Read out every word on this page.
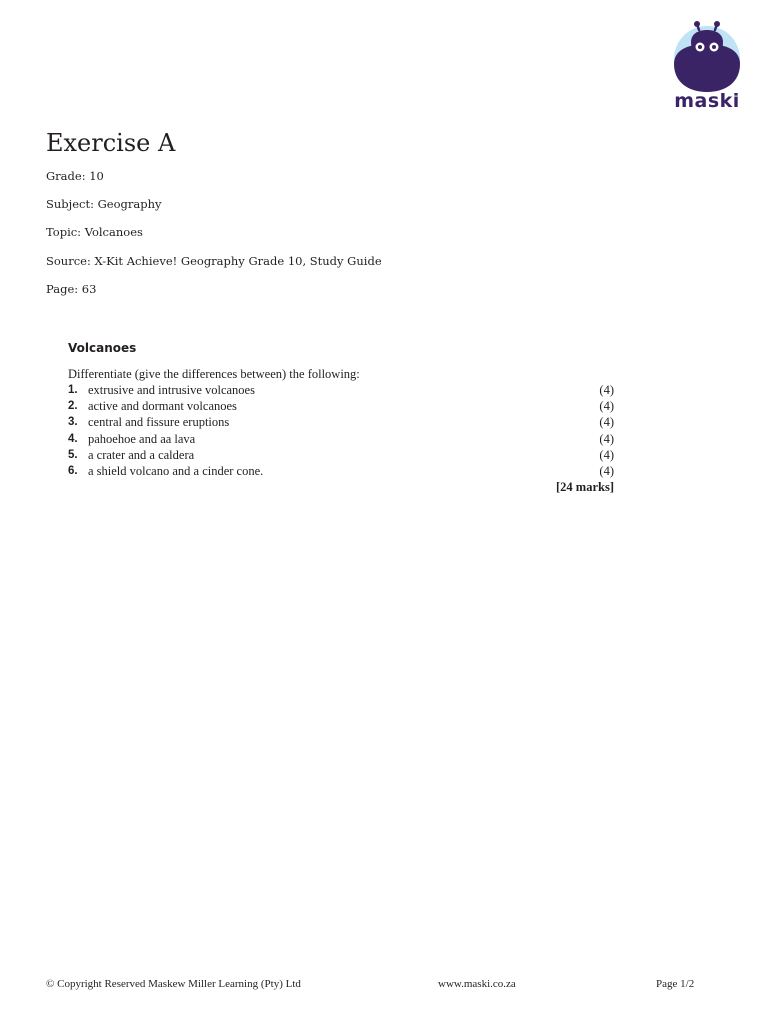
maski
Exercise A

Grade: 10

Subject: Geography

Topic: Volcanoes

Source: X-Kit Achieve! Geography Grade 10, Study Guide

Page: 63

Volcanoes

Differentiate (give the differences between) the following:

1. extrusive and intrusive volcanoes	(4)
2. active and dormant volcanoes	(4)
3. central and fissure eruptions	(4)
4. pahoehoe and aa lava	(4)
5. a crater and a caldera	(4)
6. a shield volcano and a cinder cone.	(4)

[24 marks]

© Copyright Reserved Maskew Miller Learning (Pty) Ltd	www.maski.co.za	Page 1/2
